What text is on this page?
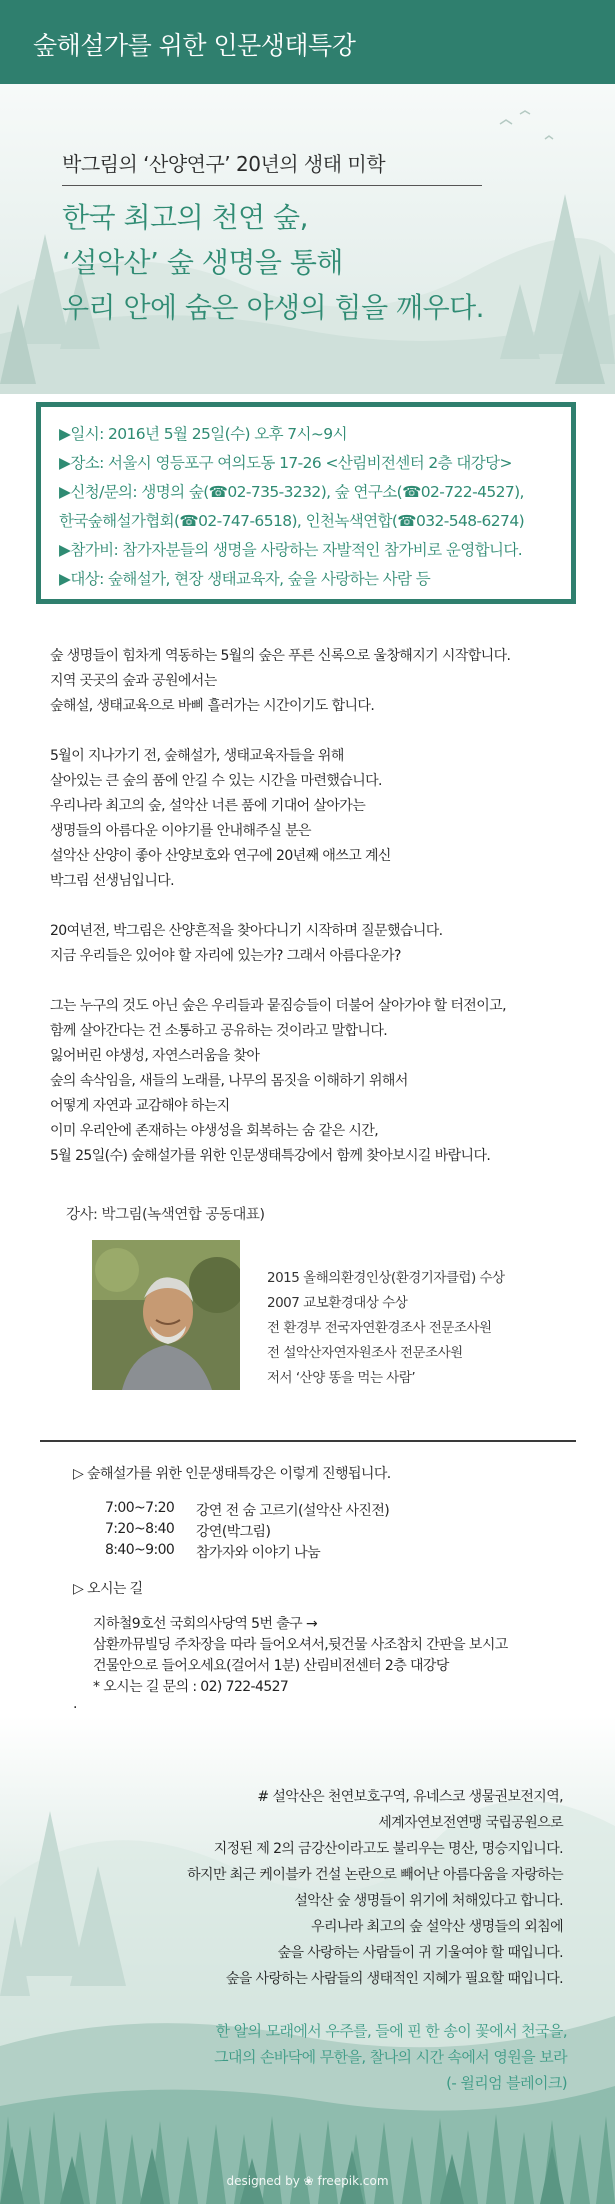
숲해설가를 위한 인문생태특강
박그림의 ‘산양연구’ 20년의 생태 미학
한국 최고의 천연 숲,
‘설악산’ 숲 생명을 통해
우리 안에 숨은 야생의 힘을 깨우다.
▶일시: 2016년 5월 25일(수) 오후 7시~9시
▶장소: 서울시 영등포구 여의도동 17-26 <산림비전센터 2층 대강당>
▶신청/문의: 생명의 숲(☎02-735-3232), 숲 연구소(☎02-722-4527),
한국숲해설가협회(☎02-747-6518), 인천녹색연합(☎032-548-6274)
▶참가비: 참가자분들의 생명을 사랑하는 자발적인 참가비로 운영합니다.
▶대상: 숲해설가, 현장 생태교육자, 숲을 사랑하는 사람 등
숲 생명들이 힘차게 역동하는 5월의 숲은 푸른 신록으로 울창해지기 시작합니다.
지역 곳곳의 숲과 공원에서는
숲해설, 생태교육으로 바삐 흘러가는 시간이기도 합니다.
5월이 지나가기 전, 숲해설가, 생태교육자들을 위해
살아있는 큰 숲의 품에 안길 수 있는 시간을 마련했습니다.
우리나라 최고의 숲, 설악산 너른 품에 기대어 살아가는
생명들의 아름다운 이야기를 안내해주실 분은
설악산 산양이 좋아 산양보호와 연구에 20년째 애쓰고 계신
박그림 선생님입니다.
20여년전, 박그림은 산양흔적을 찾아다니기 시작하며 질문했습니다.
지금 우리들은 있어야 할 자리에 있는가? 그래서 아름다운가?
그는 누구의 것도 아닌 숲은 우리들과 뭍짐승들이 더불어 살아가야 할 터전이고,
함께 살아간다는 건 소통하고 공유하는 것이라고 말합니다.
잃어버린 야생성, 자연스러움을 찾아
숲의 속삭임을, 새들의 노래를, 나무의 몸짓을 이해하기 위해서
어떻게 자연과 교감해야 하는지
이미 우리안에 존재하는 야생성을 회복하는 숨 같은 시간,
5월 25일(수) 숲해설가를 위한 인문생태특강에서 함께 찾아보시길 바랍니다.
강사: 박그림(녹색연합 공동대표)
2015 올해의환경인상(환경기자클럽) 수상
2007 교보환경대상 수상
전 환경부 전국자연환경조사 전문조사원
전 설악산자연자원조사 전문조사원
저서 ‘산양 똥을 먹는 사람’
▷ 숲해설가를 위한 인문생태특강은 이렇게 진행됩니다.
7:00~7:20 강연 전 숨 고르기(설악산 사진전)
7:20~8:40 강연(박그림)
8:40~9:00 참가자와 이야기 나눔
▷ 오시는 길
지하철9호선 국회의사당역 5번 출구 →
삼환까뮤빌딩 주차장을 따라 들어오셔서,뒷건물 사조참치 간판을 보시고
건물안으로 들어오세요(걸어서 1분) 산림비전센터 2층 대강당
* 오시는 길 문의 : 02) 722-4527
.
# 설악산은 천연보호구역, 유네스코 생물권보전지역,
세계자연보전연맹 국립공원으로
지정된 제 2의 금강산이라고도 불리우는 명산, 명승지입니다.
하지만 최근 케이블카 건설 논란으로 빼어난 아름다움을 자랑하는
설악산 숲 생명들이 위기에 처해있다고 합니다.
우리나라 최고의 숲 설악산 생명들의 외침에
숲을 사랑하는 사람들이 귀 기울여야 할 때입니다.
숲을 사랑하는 사람들의 생태적인 지혜가 필요할 때입니다.
한 알의 모래에서 우주를, 들에 핀 한 송이 꽃에서 천국을,
그대의 손바닥에 무한을, 찰나의 시간 속에서 영원을 보라
(- 윌리엄 블레이크)
designed by ❀ freepik.com
